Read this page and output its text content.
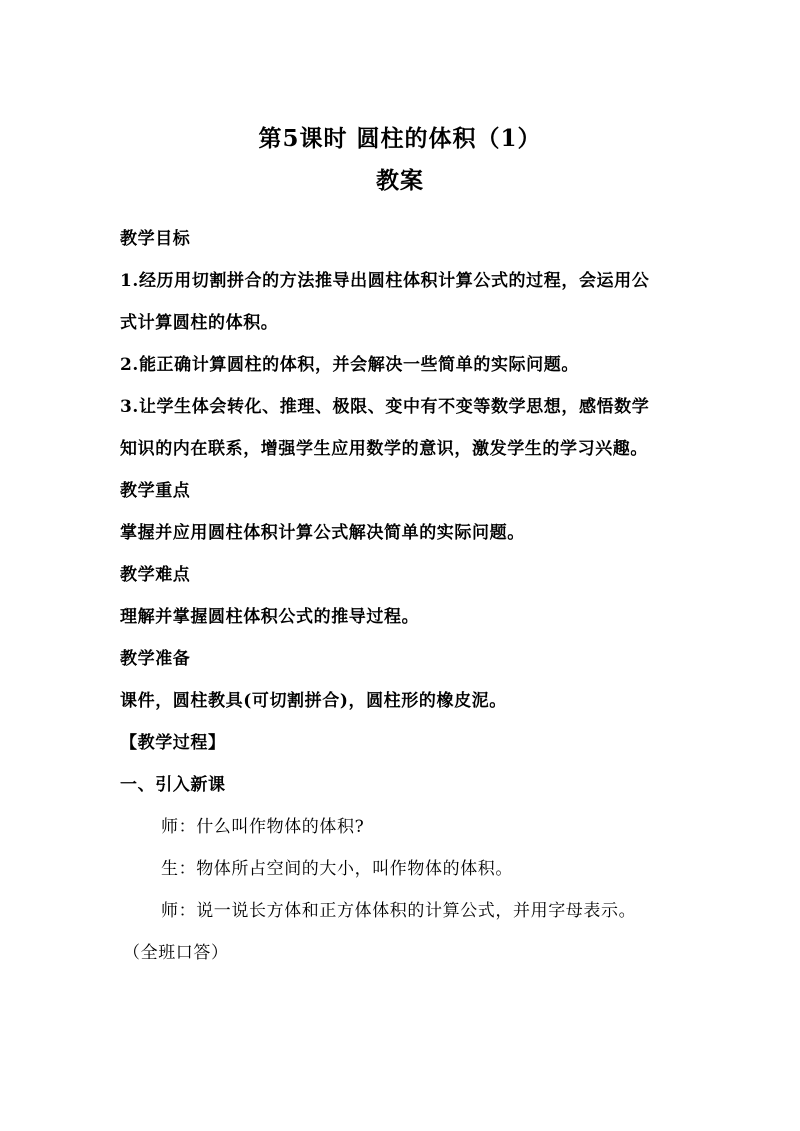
第5课时 圆柱的体积（1）
教案
教学目标
1.经历用切割拼合的方法推导出圆柱体积计算公式的过程，会运用公
式计算圆柱的体积。
2.能正确计算圆柱的体积，并会解决一些简单的实际问题。
3.让学生体会转化、推理、极限、变中有不变等数学思想，感悟数学
知识的内在联系，增强学生应用数学的意识，激发学生的学习兴趣。
教学重点
掌握并应用圆柱体积计算公式解决简单的实际问题。
教学难点
理解并掌握圆柱体积公式的推导过程。
教学准备
课件，圆柱教具(可切割拼合)，圆柱形的橡皮泥。
【教学过程】
一、引入新课
师：什么叫作物体的体积?
生：物体所占空间的大小，叫作物体的体积。
师：说一说长方体和正方体体积的计算公式，并用字母表示。
（全班口答）
